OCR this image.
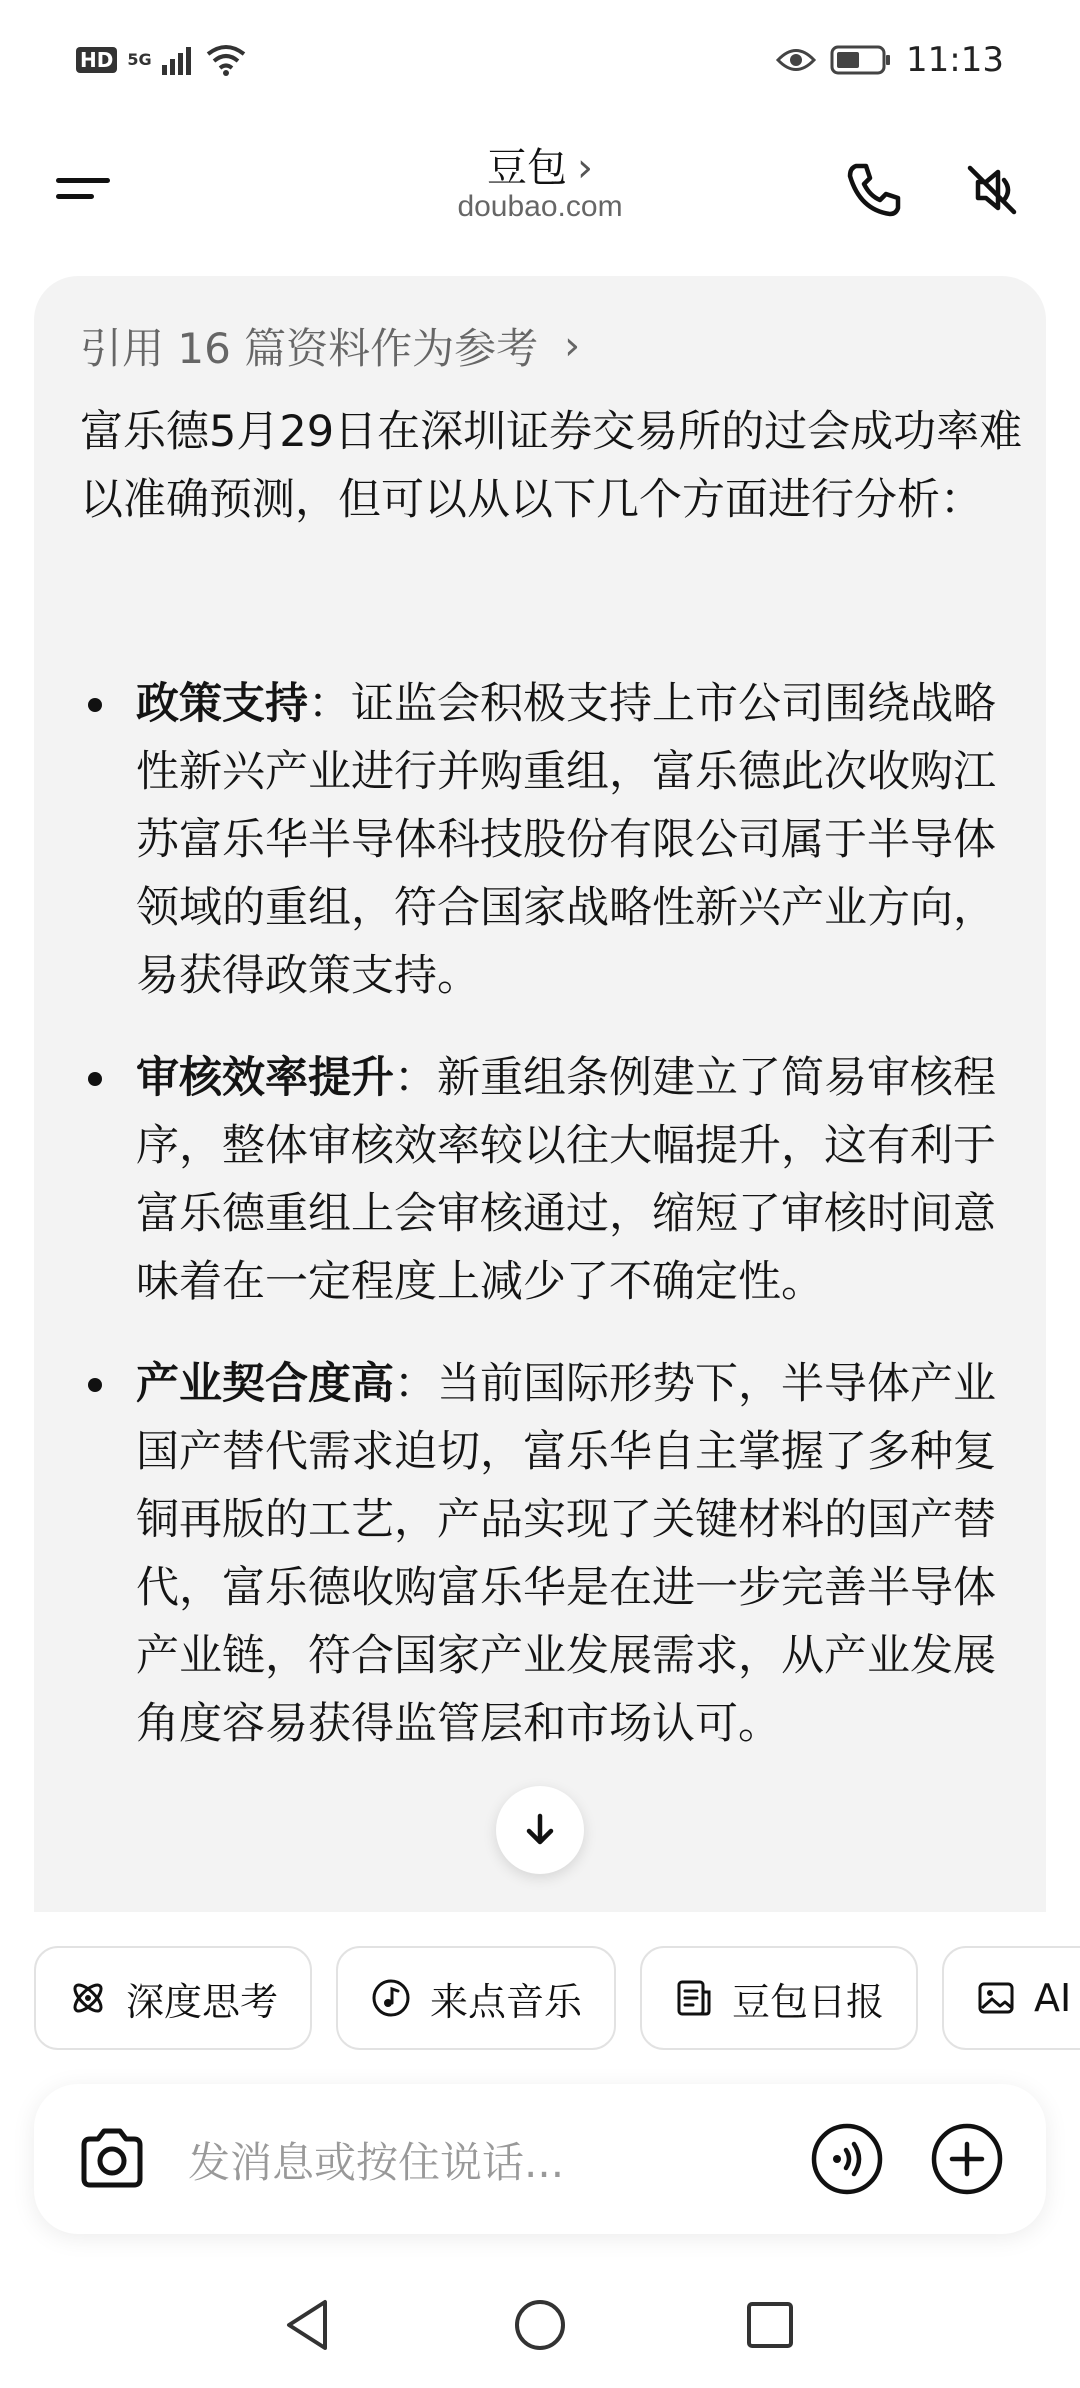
HD 5G	11:13
豆包 ›
doubao.com
引用 16 篇资料作为参考 ›
富乐德5月29日在深圳证券交易所的过会成功率难以准确预测，但可以从以下几个方面进行分析：
政策支持：证监会积极支持上市公司围绕战略性新兴产业进行并购重组，富乐德此次收购江苏富乐华半导体科技股份有限公司属于半导体领域的重组，符合国家战略性新兴产业方向，易获得政策支持。
审核效率提升：新重组条例建立了简易审核程序，整体审核效率较以往大幅提升，这有利于富乐德重组上会审核通过，缩短了审核时间意味着在一定程度上减少了不确定性。
产业契合度高：当前国际形势下，半导体产业国产替代需求迫切，富乐华自主掌握了多种复铜再版的工艺，产品实现了关键材料的国产替代，富乐德收购富乐华是在进一步完善半导体产业链，符合国家产业发展需求，从产业发展角度容易获得监管层和市场认可。
深度思考	来点音乐	豆包日报	AI
发消息或按住说话...
